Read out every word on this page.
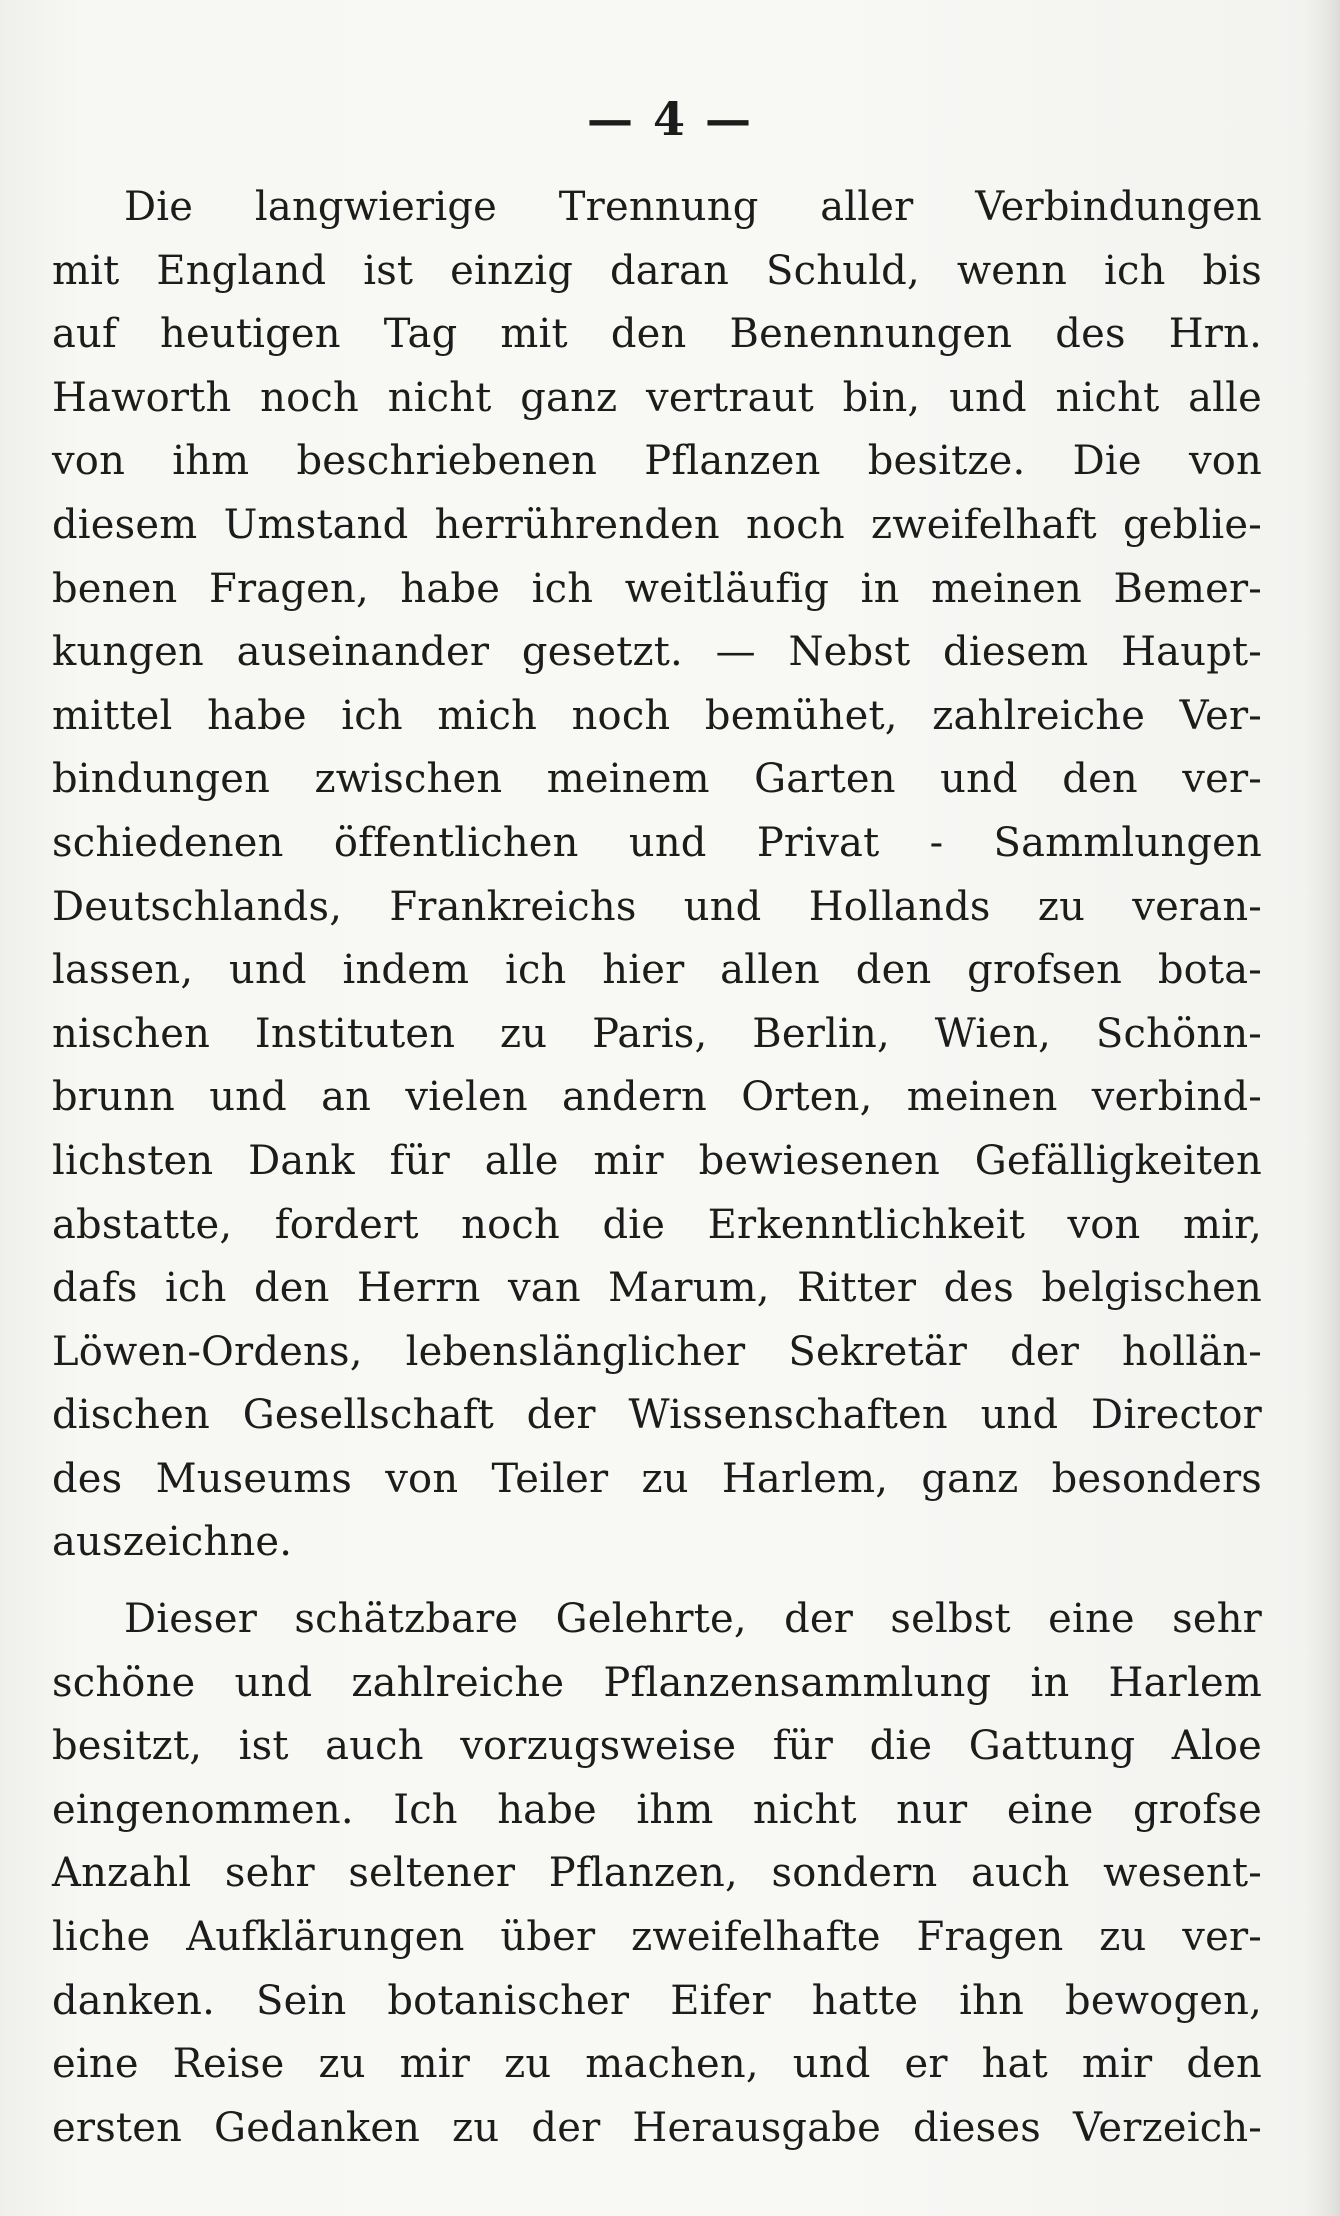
— 4 —
Die langwierige Trennung aller Verbindungen
mit England ist einzig daran Schuld, wenn ich bis
auf heutigen Tag mit den Benennungen des Hrn.
Haworth noch nicht ganz vertraut bin, und nicht alle
von ihm beschriebenen Pflanzen besitze. Die von
diesem Umstand herrührenden noch zweifelhaft geblie-
benen Fragen, habe ich weitläufig in meinen Bemer-
kungen auseinander gesetzt. — Nebst diesem Haupt-
mittel habe ich mich noch bemühet, zahlreiche Ver-
bindungen zwischen meinem Garten und den ver-
schiedenen öffentlichen und Privat - Sammlungen
Deutschlands, Frankreichs und Hollands zu veran-
lassen, und indem ich hier allen den grofsen bota-
nischen Instituten zu Paris, Berlin, Wien, Schönn-
brunn und an vielen andern Orten, meinen verbind-
lichsten Dank für alle mir bewiesenen Gefälligkeiten
abstatte, fordert noch die Erkenntlichkeit von mir,
dafs ich den Herrn van Marum, Ritter des belgischen
Löwen-Ordens, lebenslänglicher Sekretär der hollän-
dischen Gesellschaft der Wissenschaften und Director
des Museums von Teiler zu Harlem, ganz besonders
auszeichne.
Dieser schätzbare Gelehrte, der selbst eine sehr
schöne und zahlreiche Pflanzensammlung in Harlem
besitzt, ist auch vorzugsweise für die Gattung Aloe
eingenommen. Ich habe ihm nicht nur eine grofse
Anzahl sehr seltener Pflanzen, sondern auch wesent-
liche Aufklärungen über zweifelhafte Fragen zu ver-
danken. Sein botanischer Eifer hatte ihn bewogen,
eine Reise zu mir zu machen, und er hat mir den
ersten Gedanken zu der Herausgabe dieses Verzeich-
